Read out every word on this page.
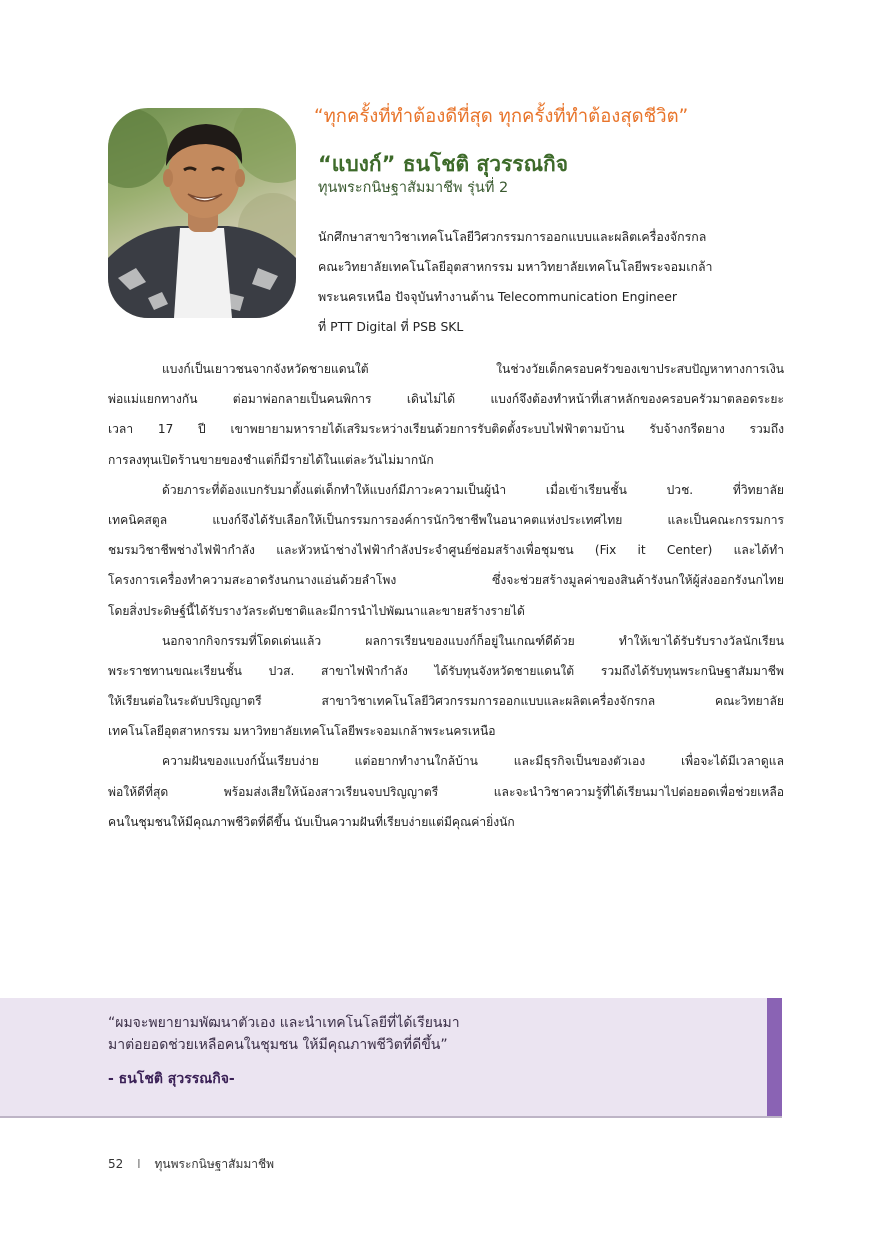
“ทุกครั้งที่ทำต้องดีที่สุด ทุกครั้งที่ทำต้องสุดชีวิต”
“แบงก์” ธนโชติ สุวรรณกิจ
ทุนพระกนิษฐาสัมมาชีพ รุ่นที่ 2
นักศึกษาสาขาวิชาเทคโนโลยีวิศวกรรมการออกแบบและผลิตเครื่องจักรกล
คณะวิทยาลัยเทคโนโลยีอุตสาหกรรม มหาวิทยาลัยเทคโนโลยีพระจอมเกล้า
พระนครเหนือ ปัจจุบันทำงานด้าน Telecommunication Engineer
ที่ PTT Digital ที่ PSB SKL
แบงก์เป็นเยาวชนจากจังหวัดชายแดนใต้ ในช่วงวัยเด็กครอบครัวของเขาประสบปัญหาทางการเงิน
พ่อแม่แยกทางกัน ต่อมาพ่อกลายเป็นคนพิการ เดินไม่ได้ แบงก์จึงต้องทำหน้าที่เสาหลักของครอบครัวมาตลอดระยะ
เวลา 17 ปี เขาพยายามหารายได้เสริมระหว่างเรียนด้วยการรับติดตั้งระบบไฟฟ้าตามบ้าน รับจ้างกรีดยาง รวมถึง
การลงทุนเปิดร้านขายของชำแต่ก็มีรายได้ในแต่ละวันไม่มากนัก
ด้วยภาระที่ต้องแบกรับมาตั้งแต่เด็กทำให้แบงก์มีภาวะความเป็นผู้นำ เมื่อเข้าเรียนชั้น ปวช. ที่วิทยาลัย
เทคนิคสตูล แบงก์จึงได้รับเลือกให้เป็นกรรมการองค์การนักวิชาชีพในอนาคตแห่งประเทศไทย และเป็นคณะกรรมการ
ชมรมวิชาชีพช่างไฟฟ้ากำลัง และหัวหน้าช่างไฟฟ้ากำลังประจำศูนย์ซ่อมสร้างเพื่อชุมชน (Fix it Center) และได้ทำ
โครงการเครื่องทำความสะอาดรังนกนางแอ่นด้วยลำโพง ซึ่งจะช่วยสร้างมูลค่าของสินค้ารังนกให้ผู้ส่งออกรังนกไทย
โดยสิ่งประดิษฐ์นี้ได้รับรางวัลระดับชาติและมีการนำไปพัฒนาและขายสร้างรายได้
นอกจากกิจกรรมที่โดดเด่นแล้ว ผลการเรียนของแบงก์ก็อยู่ในเกณฑ์ดีด้วย ทำให้เขาได้รับรับรางวัลนักเรียน
พระราชทานขณะเรียนชั้น ปวส. สาขาไฟฟ้ากำลัง ได้รับทุนจังหวัดชายแดนใต้ รวมถึงได้รับทุนพระกนิษฐาสัมมาชีพ
ให้เรียนต่อในระดับปริญญาตรี สาขาวิชาเทคโนโลยีวิศวกรรมการออกแบบและผลิตเครื่องจักรกล คณะวิทยาลัย
เทคโนโลยีอุตสาหกรรม มหาวิทยาลัยเทคโนโลยีพระจอมเกล้าพระนครเหนือ
ความฝันของแบงก์นั้นเรียบง่าย แต่อยากทำงานใกล้บ้าน และมีธุรกิจเป็นของตัวเอง เพื่อจะได้มีเวลาดูแล
พ่อให้ดีที่สุด พร้อมส่งเสียให้น้องสาวเรียนจบปริญญาตรี และจะนำวิชาความรู้ที่ได้เรียนมาไปต่อยอดเพื่อช่วยเหลือ
คนในชุมชนให้มีคุณภาพชีวิตที่ดีขึ้น นับเป็นความฝันที่เรียบง่ายแต่มีคุณค่ายิ่งนัก
“ผมจะพยายามพัฒนาตัวเอง และนำเทคโนโลยีที่ได้เรียนมา
มาต่อยอดช่วยเหลือคนในชุมชน ให้มีคุณภาพชีวิตที่ดีขึ้น”
- ธนโชติ สุวรรณกิจ-
52 I ทุนพระกนิษฐาสัมมาชีพ
